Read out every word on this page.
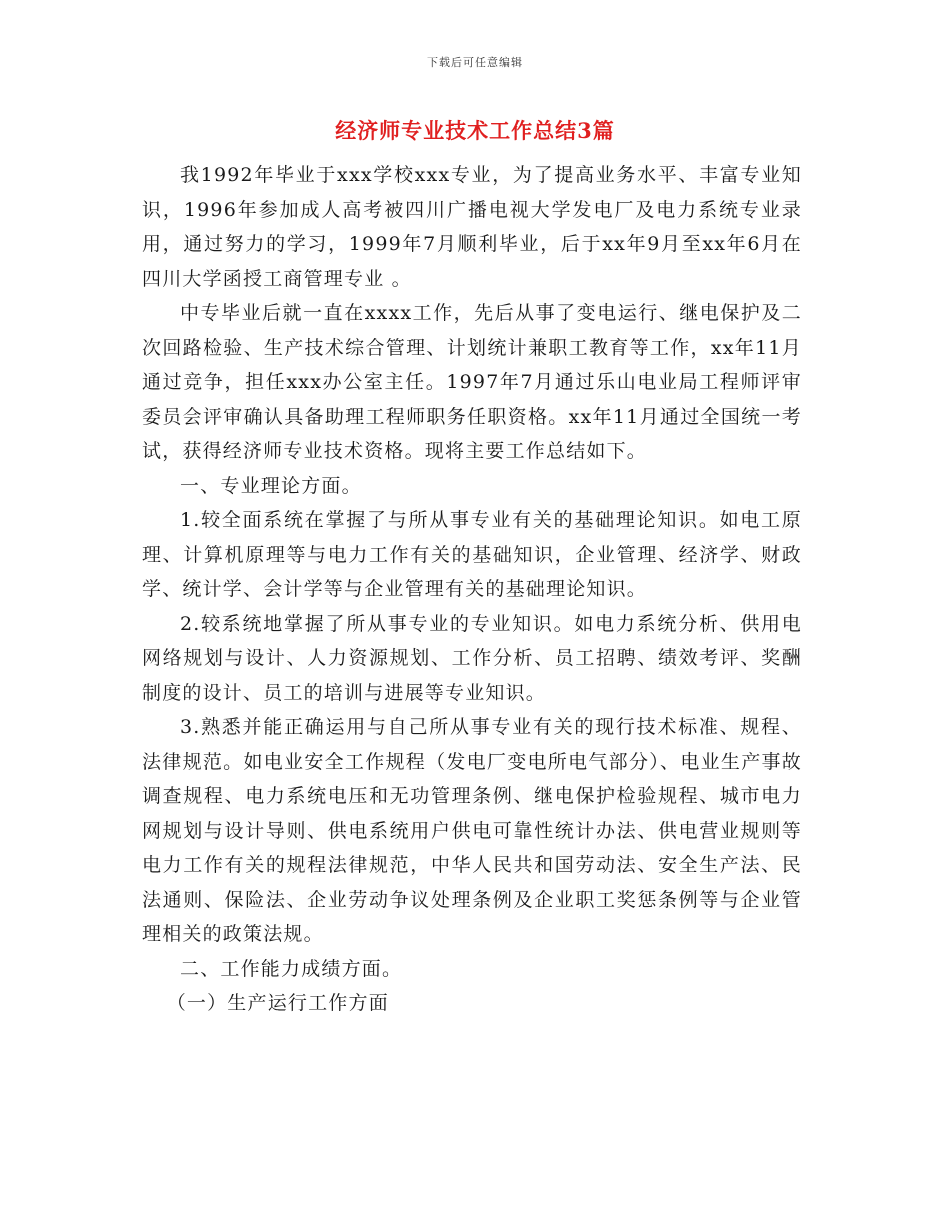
下载后可任意编辑
经济师专业技术工作总结3篇

我1992年毕业于xxx学校xxx专业，为了提高业务水平、丰富专业知识，1996年参加成人高考被四川广播电视大学发电厂及电力系统专业录用，通过努力的学习，1999年7月顺利毕业，后于xx年9月至xx年6月在四川大学函授工商管理专业 。

中专毕业后就一直在xxxx工作，先后从事了变电运行、继电保护及二次回路检验、生产技术综合管理、计划统计兼职工教育等工作，xx年11月通过竞争，担任xxx办公室主任。1997年7月通过乐山电业局工程师评审委员会评审确认具备助理工程师职务任职资格。xx年11月通过全国统一考试，获得经济师专业技术资格。现将主要工作总结如下。

一、专业理论方面。

1.较全面系统在掌握了与所从事专业有关的基础理论知识。如电工原理、计算机原理等与电力工作有关的基础知识，企业管理、经济学、财政学、统计学、会计学等与企业管理有关的基础理论知识。

2.较系统地掌握了所从事专业的专业知识。如电力系统分析、供用电网络规划与设计、人力资源规划、工作分析、员工招聘、绩效考评、奖酬制度的设计、员工的培训与进展等专业知识。

3.熟悉并能正确运用与自己所从事专业有关的现行技术标准、规程、法律规范。如电业安全工作规程（发电厂变电所电气部分）、电业生产事故调查规程、电力系统电压和无功管理条例、继电保护检验规程、城市电力网规划与设计导则、供电系统用户供电可靠性统计办法、供电营业规则等电力工作有关的规程法律规范，中华人民共和国劳动法、安全生产法、民法通则、保险法、企业劳动争议处理条例及企业职工奖惩条例等与企业管理相关的政策法规。

二、工作能力成绩方面。

（一）生产运行工作方面
